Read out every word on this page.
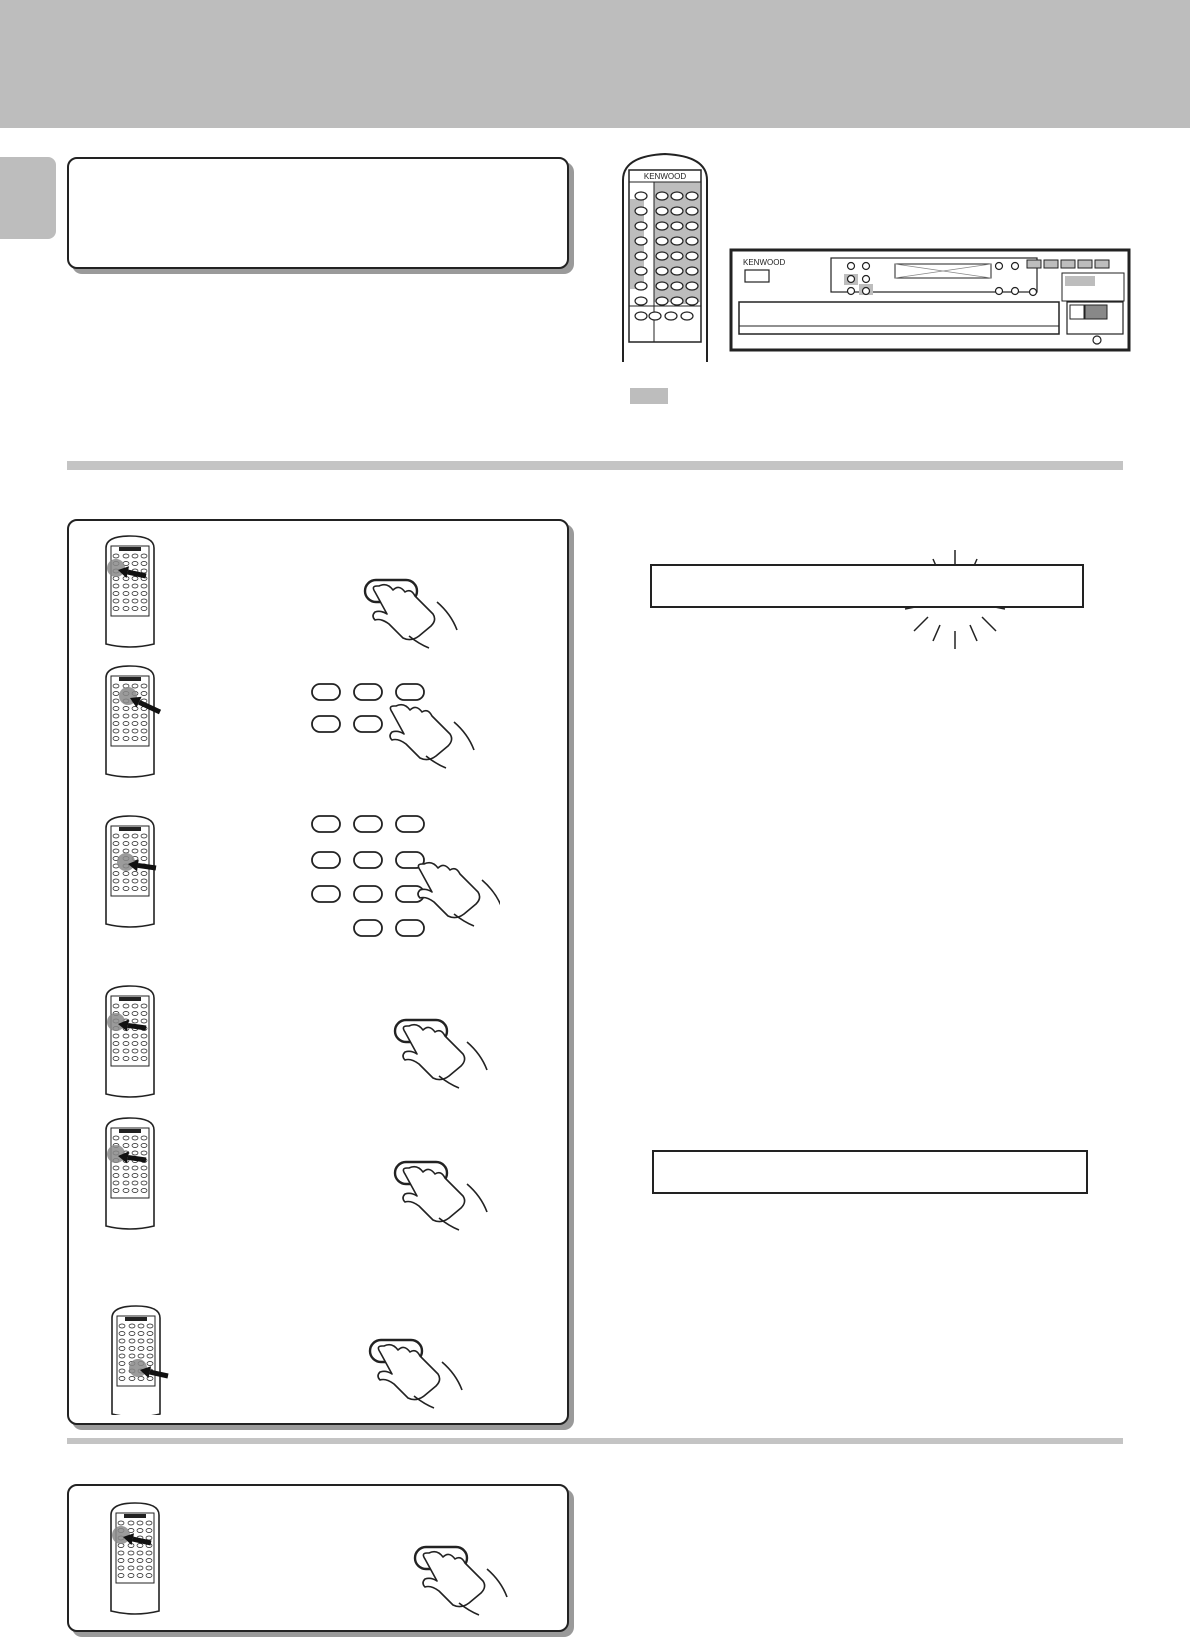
KENWOOD
KENWOOD
